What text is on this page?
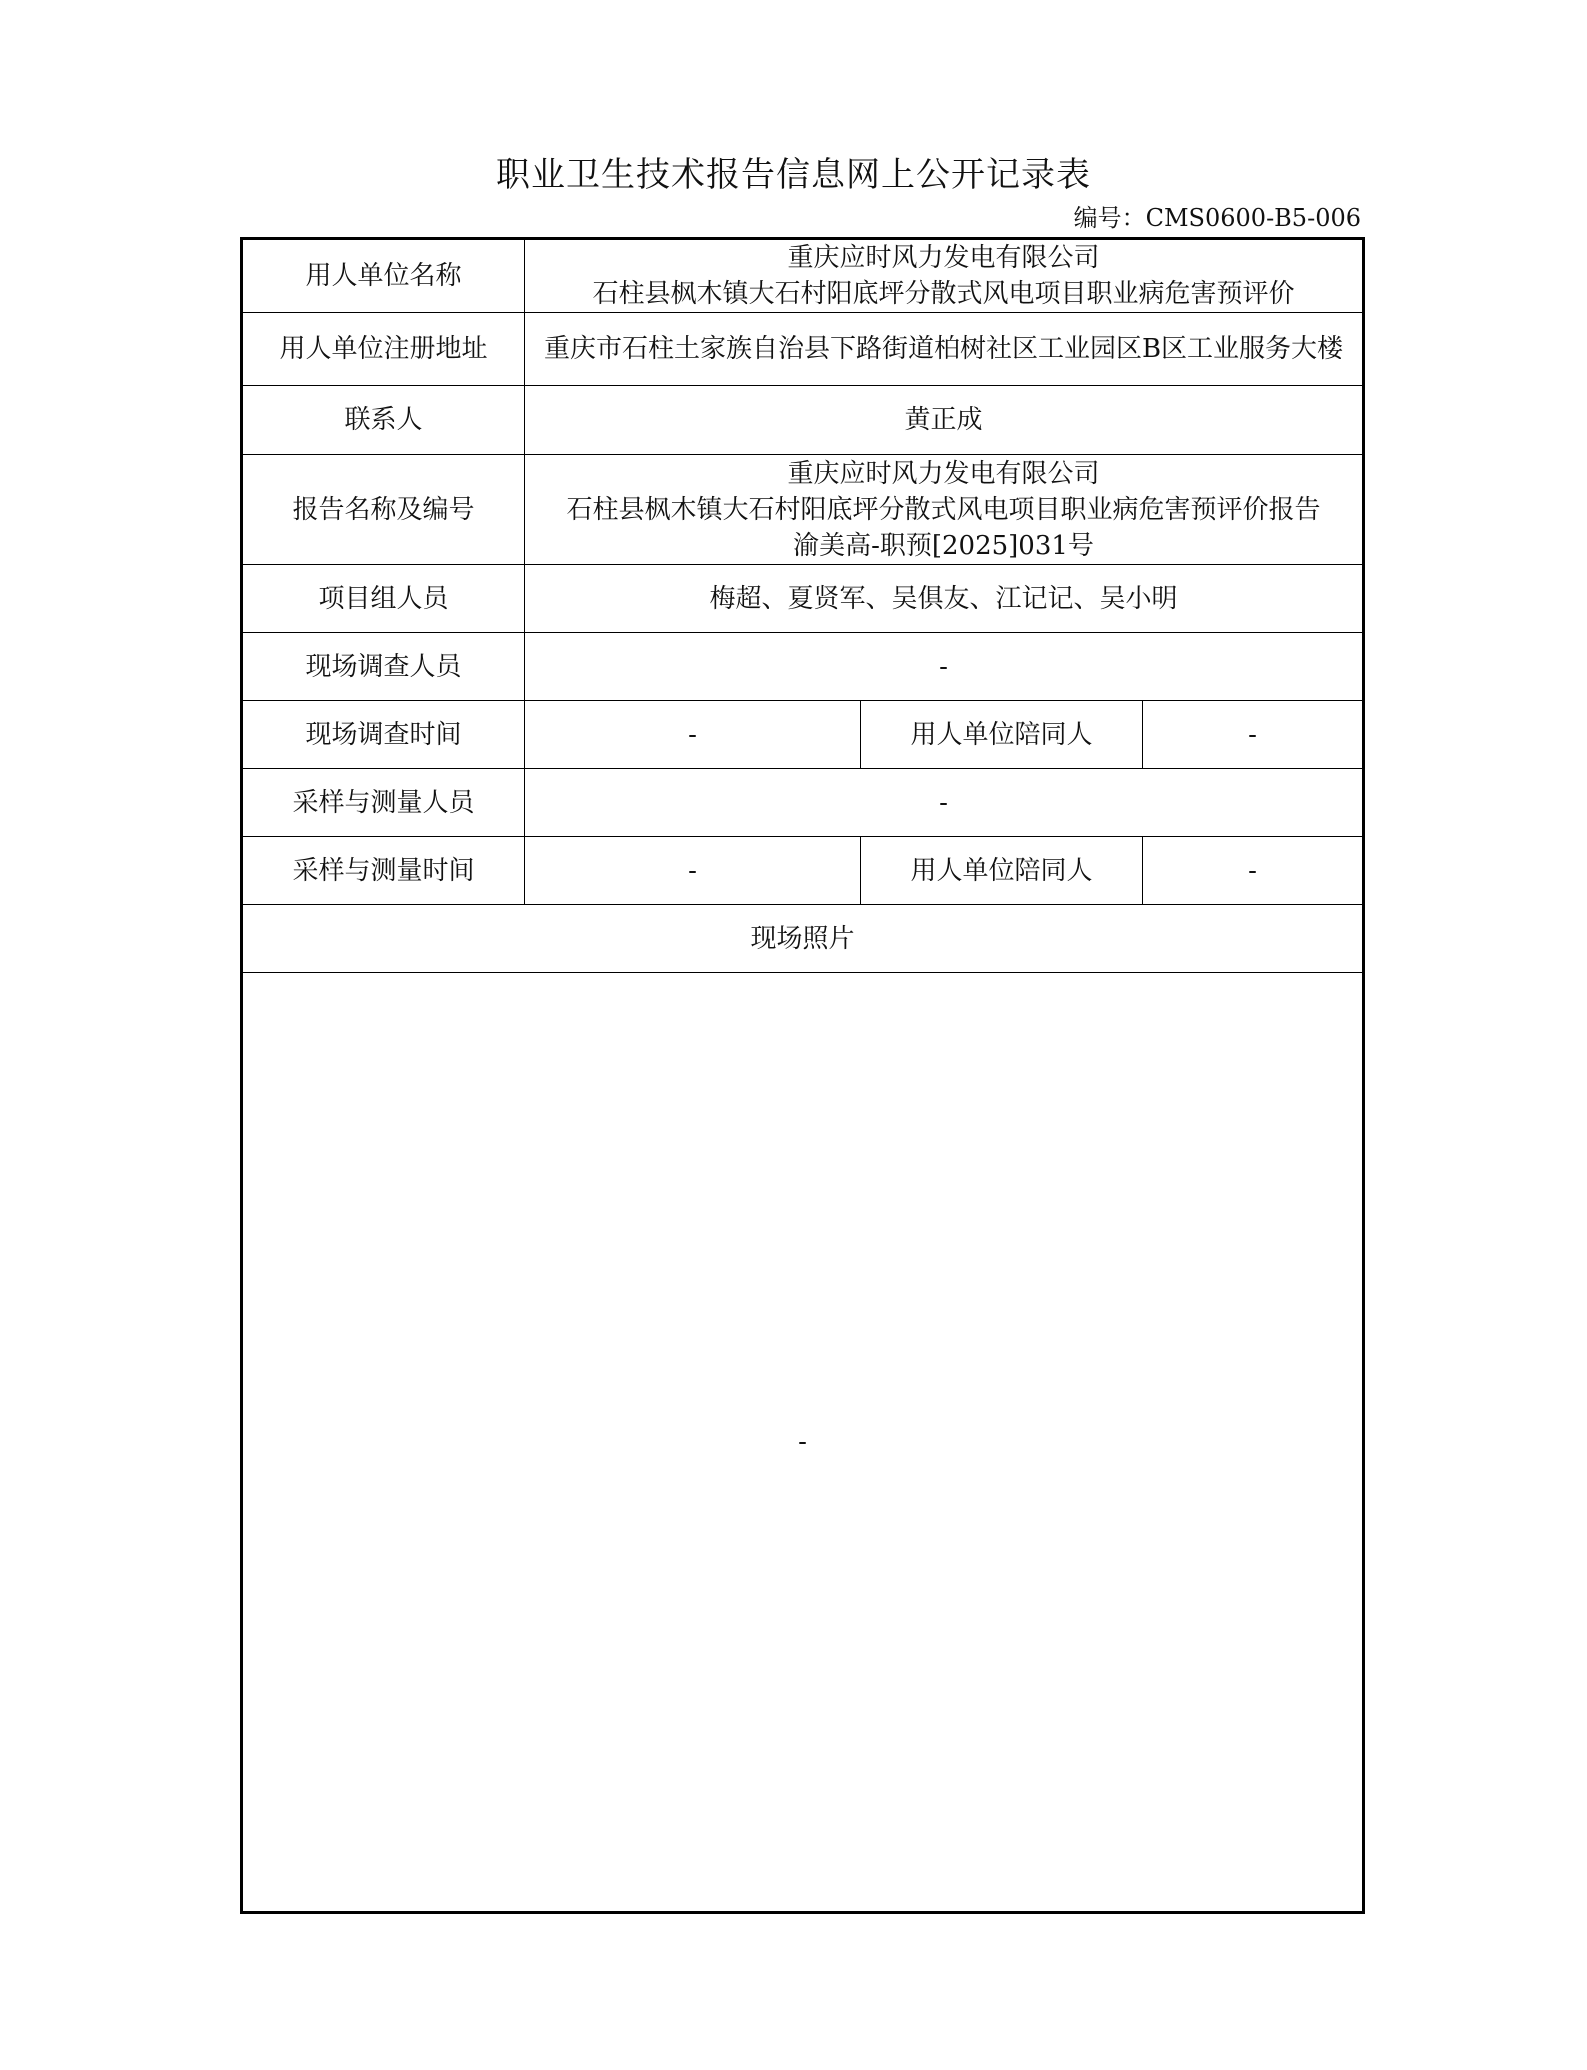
职业卫生技术报告信息网上公开记录表
编号：CMS0600-B5-006
用人单位名称	重庆应时风力发电有限公司
石柱县枫木镇大石村阳底坪分散式风电项目职业病危害预评价		

用人单位注册地址	重庆市石柱土家族自治县下路街道柏树社区工业园区B区工业服务大楼		
联系人	黄正成		
报告名称及编号	重庆应时风力发电有限公司
石柱县枫木镇大石村阳底坪分散式风电项目职业病危害预评价报告
渝美高-职预[2025]031号		

项目组人员	梅超、夏贤军、吴俱友、江记记、吴小明		
现场调查人员	-		
现场调查时间	-	用人单位陪同人	-
采样与测量人员	-		
采样与测量时间	-	用人单位陪同人	-
现场照片			
-			
